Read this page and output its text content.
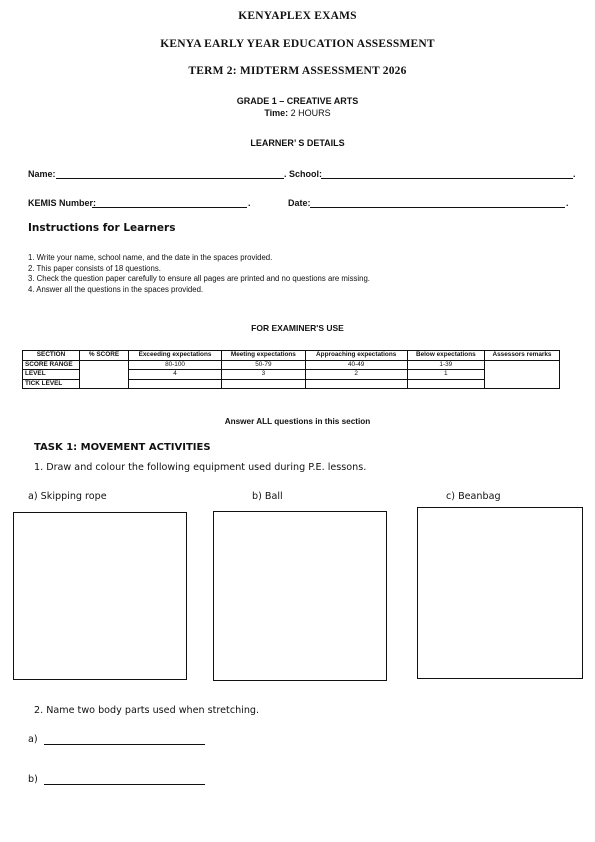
KENYAPLEX EXAMS
KENYA EARLY YEAR EDUCATION ASSESSMENT
TERM 2: MIDTERM ASSESSMENT 2026
GRADE 1 – CREATIVE ARTS
Time: 2 HOURS
LEARNER’ S DETAILS
Name:	. School:	.
KEMIS Number:	.	Date:	.
Instructions for Learners
1. Write your name, school name, and the date in the spaces provided.
2. This paper consists of 18 questions.
3. Check the question paper carefully to ensure all pages are printed and no questions are missing.
4. Answer all the questions in the spaces provided.
FOR EXAMINER'S USE
SECTION	% SCORE	Exceeding expectations	Meeting expectations	Approaching expectations	Below expectations	Assessors remarks
SCORE RANGE		80-100	50-79	40-49	1-39	
LEVEL		4	3	2	1	
TICK LEVEL						
Answer ALL questions in this section
TASK 1: MOVEMENT ACTIVITIES
1. Draw and colour the following equipment used during P.E. lessons.
a) Skipping rope	b) Ball	c) Beanbag
2. Name two body parts used when stretching.
a)
b)
